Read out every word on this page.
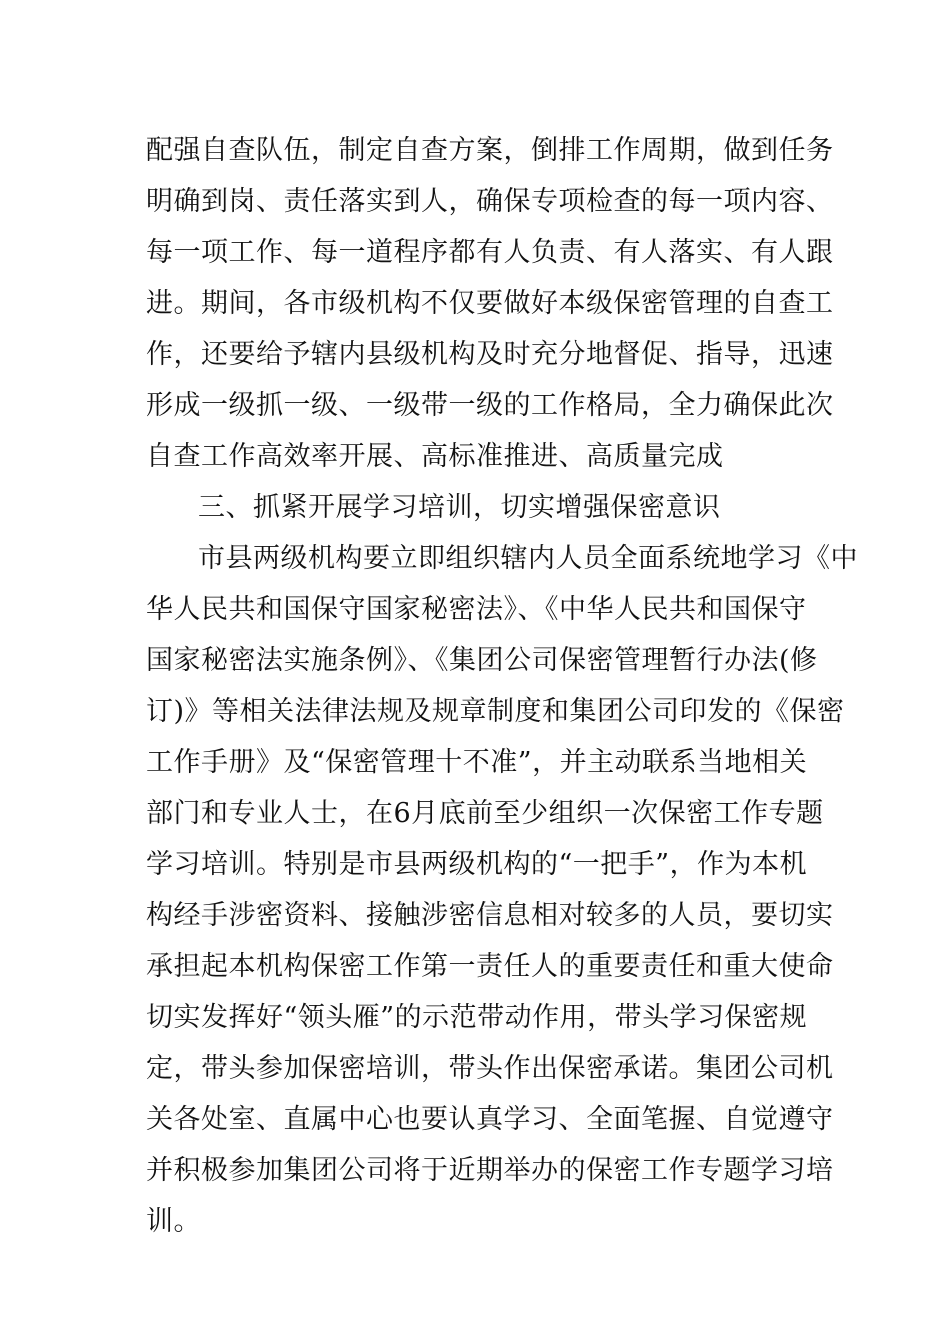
配强自查队伍，制定自查方案，倒排工作周期，做到任务
明确到岗、责任落实到人，确保专项检查的每一项内容、
每一项工作、每一道程序都有人负责、有人落实、有人跟
进。期间，各市级机构不仅要做好本级保密管理的自查工
作，还要给予辖内县级机构及时充分地督促、指导，迅速
形成一级抓一级、一级带一级的工作格局，全力确保此次
自查工作高效率开展、高标准推进、高质量完成
三、抓紧开展学习培训，切实增强保密意识
市县两级机构要立即组织辖内人员全面系统地学习《中
华人民共和国保守国家秘密法》、《中华人民共和国保守
国家秘密法实施条例》、《集团公司保密管理暂行办法(修
订)》等相关法律法规及规章制度和集团公司印发的《保密
工作手册》及“保密管理十不准”，并主动联系当地相关
部门和专业人士，在6月底前至少组织一次保密工作专题
学习培训。特别是市县两级机构的“一把手”，作为本机
构经手涉密资料、接触涉密信息相对较多的人员，要切实
承担起本机构保密工作第一责任人的重要责任和重大使命
切实发挥好“领头雁”的示范带动作用，带头学习保密规
定，带头参加保密培训，带头作出保密承诺。集团公司机
关各处室、直属中心也要认真学习、全面笔握、自觉遵守
并积极参加集团公司将于近期举办的保密工作专题学习培
训。
